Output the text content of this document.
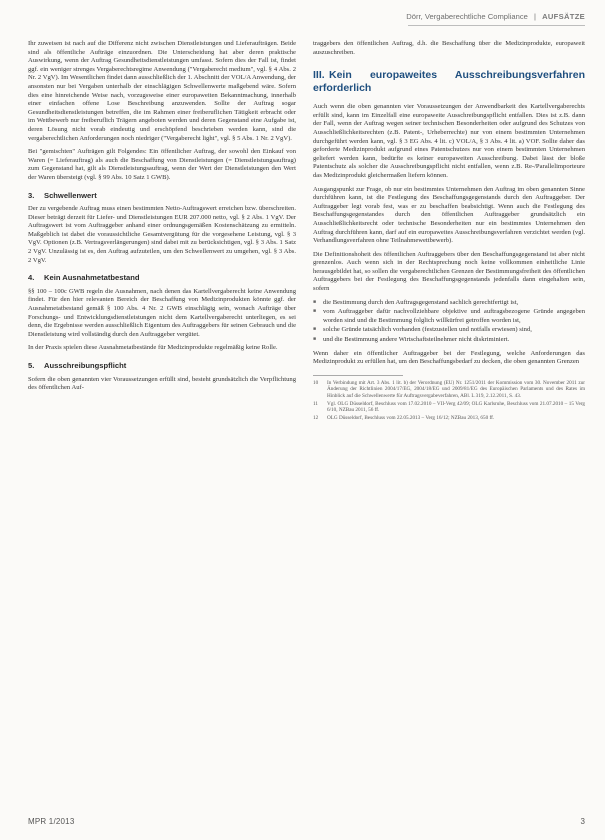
Dörr, Vergaberechtliche Compliance | AUFSÄTZE

Ihr zuweisen ist nach auf die Differenz nicht zwischen Dienstleistungen und Lieferaufträgen. Beide sind als öffentliche Aufträge einzuordnen. Die Unterscheidung hat aber deren praktische Auswirkung, wenn der Auftrag Gesundheitsdienstleistungen umfasst. Sofern dies der Fall ist, findet ggf. ein weniger strenges Vergaberechtsregime Anwendung ("Vergaberecht medium", vgl. § 4 Abs. 2 Nr. 2 VgV). Im Wesentlichen findet dann ausschließlich der 1. Abschnitt der VOL/A Anwendung, der ansonsten nur bei Vergaben unterhalb der einschlägigen Schwellenwerte maßgebend wäre. Sofern dies eine hinreichende Weise nach, vorzugsweise einer europaweiten Bekanntmachung, innerhalb einer einfachen offene Lose Beschreibung anzuwenden. Sollte der Auftrag sogar Gesundheitsdienstleistungen betreffen, die im Rahmen einer freiberuflichen Tätigkeit erbracht oder im Wettbewerb nur freiberuflich Trägern angeboten werden und deren Gegenstand eine Aufgabe ist, deren Lösung nicht vorab eindeutig und erschöpfend beschrieben werden kann, sind die vergaberechtlichen Anforderungen noch niedriger ("Vergaberecht light", vgl. § 5 Abs. 1 Nr. 2 VgV).

Bei "gemischten" Aufträgen gilt Folgendes: Ein öffentlicher Auftrag, der sowohl den Einkauf von Waren (= Lieferauftrag) als auch die Beschaffung von Dienstleistungen (= Dienstleistungsauftrag) zum Gegenstand hat, gilt als Dienstleistungsauftrag, wenn der Wert der Dienstleistungen den Wert der Waren übersteigt (vgl. § 99 Abs. 10 Satz 1 GWB).

3. Schwellenwert

Der zu vergebende Auftrag muss einen bestimmten Netto-Auftragswert erreichen bzw. überschreiten. Dieser beträgt derzeit für Liefer- und Dienstleistungen EUR 207.000 netto, vgl. § 2 Abs. 1 VgV. Der Auftragswert ist vom Auftraggeber anhand einer ordnungsgemäßen Kostenschätzung zu ermitteln. Maßgeblich ist dabei die voraussichtliche Gesamtvergütung für die vorgesehene Leistung, vgl. § 3 VgV. Optionen (z.B. Vertragsverlängerungen) sind dabei mit zu berücksichtigen, vgl. § 3 Abs. 1 Satz 2 VgV. Unzulässig ist es, den Auftrag aufzuteilen, um den Schwellenwert zu umgehen, vgl. § 3 Abs. 2 VgV.

4. Kein Ausnahmetatbestand

§§ 100 – 100c GWB regeln die Ausnahmen, nach denen das Kartellvergaberecht keine Anwendung findet. Für den hier relevanten Bereich der Beschaffung von Medizinprodukten könnte ggf. der Ausnahmetatbestand gemäß § 100 Abs. 4 Nr. 2 GWB einschlägig sein, wonach Aufträge über Forschungs- und Entwicklungsdienstleistungen nicht dem Kartellvergaberecht unterliegen, es sei denn, die Ergebnisse werden ausschließlich Eigentum des Auftraggebers für seinen Gebrauch und die Dienstleistung wird vollständig durch den Auftraggeber vergütet.

In der Praxis spielen diese Ausnahmetatbestände für Medizinprodukte regelmäßig keine Rolle.

5. Ausschreibungspflicht

Sofern die oben genannten vier Voraussetzungen erfüllt sind, besteht grundsätzlich die Verpflichtung des öffentlichen Auf-

traggebers den öffentlichen Auftrag, d.h. die Beschaffung über die Medizinprodukte, europaweit auszuschreiben.

III. Kein europaweites Ausschreibungsverfahren erforderlich

Auch wenn die oben genannten vier Voraussetzungen der Anwendbarkeit des Kartellvergaberechts erfüllt sind, kann im Einzelfall eine europaweite Ausschreibungspflicht entfallen. Dies ist z.B. dann der Fall, wenn der Auftrag wegen seiner technischen Besonderheiten oder aufgrund des Schutzes von Ausschließlichkeitsrechten (z.B. Patent-, Urheberrechte) nur von einem bestimmten Unternehmen durchgeführt werden kann, vgl. § 3 EG Abs. 4 lit. c) VOL/A, § 3 Abs. 4 lit. a) VOF. Sollte daher das geforderte Medizinprodukt aufgrund eines Patentschutzes nur von einem bestimmten Unternehmen geliefert werden kann, bedürfte es keiner europaweiten Ausschreibung. Dabei lässt der bloße Patentschutz als solcher die Ausschreibungspflicht nicht entfallen, wenn z.B. Re-/Parallelimporteure das Medizinprodukt gleichermaßen liefern können.

Ausgangspunkt zur Frage, ob nur ein bestimmtes Unternehmen den Auftrag im oben genannten Sinne durchführen kann, ist die Festlegung des Beschaffungsgegenstands durch den Auftraggeber. Der Auftraggeber legt vorab fest, was er zu beschaffen beabsichtigt. Wenn auch die Festlegung des Beschaffungsgegenstandes durch den öffentlichen Auftraggeber grundsätzlich ein Ausschließlichkeitsrecht oder technische Besonderheiten nur ein bestimmtes Unternehmen den Auftrag durchführen kann, darf auf ein europaweites Ausschreibungsverfahren verzichtet werden (vgl. Verhandlungsverfahren ohne Teilnahmewettbewerb).

Die Definitionshoheit des öffentlichen Auftraggebers über den Beschaffungsgegenstand ist aber nicht grenzenlos. Auch wenn sich in der Rechtsprechung noch keine vollkommen einheitliche Linie herausgebildet hat, so sollen die vergaberechtlichen Grenzen der Bestimmungsfreiheit des öffentlichen Auftraggebers bei der Festlegung des Beschaffungsgegenstands jedenfalls dann eingehalten sein, sofern

■ die Bestimmung durch den Auftragsgegenstand sachlich gerechtfertigt ist,
■ vom Auftraggeber dafür nachvollziehbare objektive und auftragsbezogene Gründe angegeben worden sind und die Bestimmung folglich willkürfrei getroffen worden ist,
■ solche Gründe tatsächlich vorhanden (festzustellen und notfalls erwiesen) sind,
■ und die Bestimmung andere Wirtschaftsteilnehmer nicht diskriminiert.

Wenn daher ein öffentlicher Auftraggeber bei der Festlegung, welche Anforderungen das Medizinprodukt zu erfüllen hat, um den Beschaffungsbedarf zu decken, die oben genannten Grenzen

10	In Verbindung mit Art. 3 Abs. 1 lit. b) der Verordnung (EU) Nr. 1251/2011 der Kommission vom 30. November 2011 zur Änderung der Richtlinien 2004/17/EG, 2004/18/EG und 2009/81/EG des Europäischen Parlaments und des Rates im Hinblick auf die Schwellenwerte für Auftragsvergabeverfahren, ABl. L 319, 2.12.2011, S. 43.
11	Vgl. OLG Düsseldorf, Beschluss vom 17.02.2010 – VII-Verg 42/09; OLG Karlsruhe, Beschluss vom 21.07.2010 – 15 Verg 6/10, NZBau 2011, 56 ff.
12	OLG Düsseldorf, Beschluss vom 22.05.2013 – Verg 16/12; NZBau 2013, 650 ff.
MPR 1/2013	3
